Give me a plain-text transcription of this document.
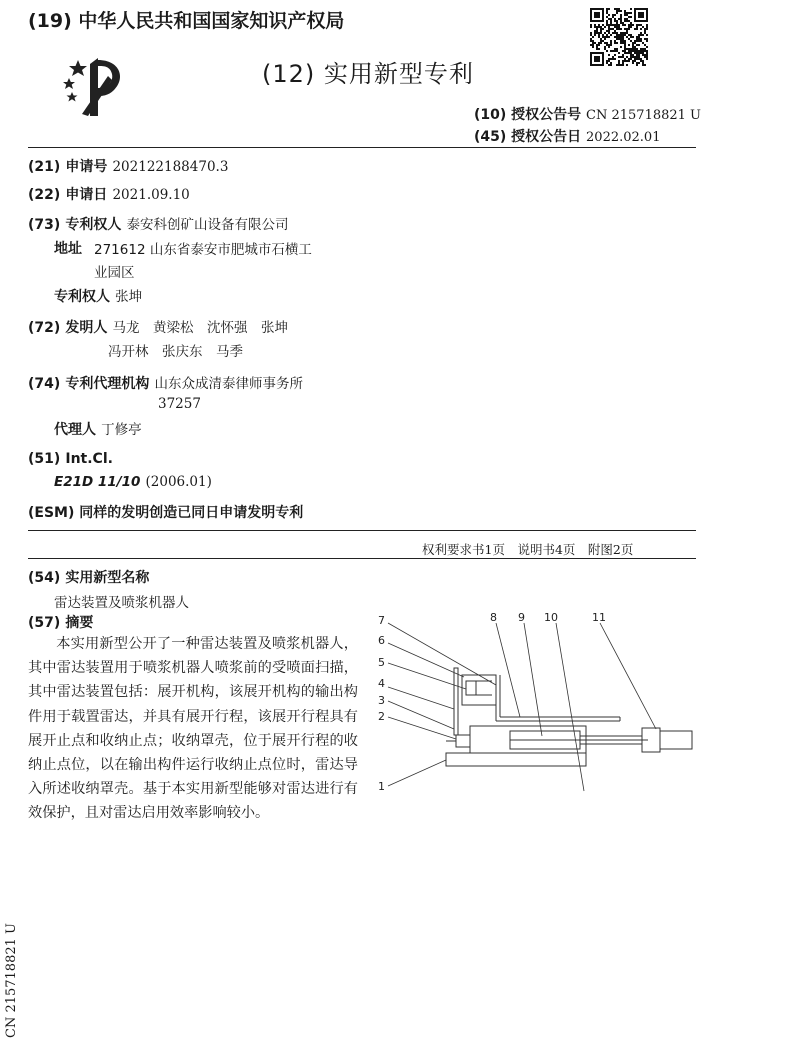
(19) 中华人民共和国国家知识产权局
(12) 实用新型专利
(10) 授权公告号 CN 215718821 U
(45) 授权公告日 2022.02.01
(21) 申请号 202122188470.3
(22) 申请日 2021.09.10
(73) 专利权人 泰安科创矿山设备有限公司
地址 271612 山东省泰安市肥城市石横工
业园区
专利权人 张坤
(72) 发明人 马龙　黄梁松　沈怀强　张坤
冯开林　张庆东　马季
(74) 专利代理机构 山东众成清泰律师事务所
37257
代理人 丁修亭
(51) Int.Cl.
E21D 11/10 (2006.01)
(ESM) 同样的发明创造已同日申请发明专利
权利要求书1页　说明书4页　附图2页
(54) 实用新型名称
雷达装置及喷浆机器人
(57) 摘要
本实用新型公开了一种雷达装置及喷浆机器人，其中雷达装置用于喷浆机器人喷浆前的受喷面扫描，其中雷达装置包括：展开机构，该展开机构的输出构件用于载置雷达，并具有展开行程，该展开行程具有展开止点和收纳止点；收纳罩壳，位于展开行程的收纳止点位，以在输出构件运行收纳止点位时，雷达导入所述收纳罩壳。基于本实用新型能够对雷达进行有效保护，且对雷达启用效率影响较小。
1
2
3
4
5
6
7	8 9 10	11
CN 215718821 U
